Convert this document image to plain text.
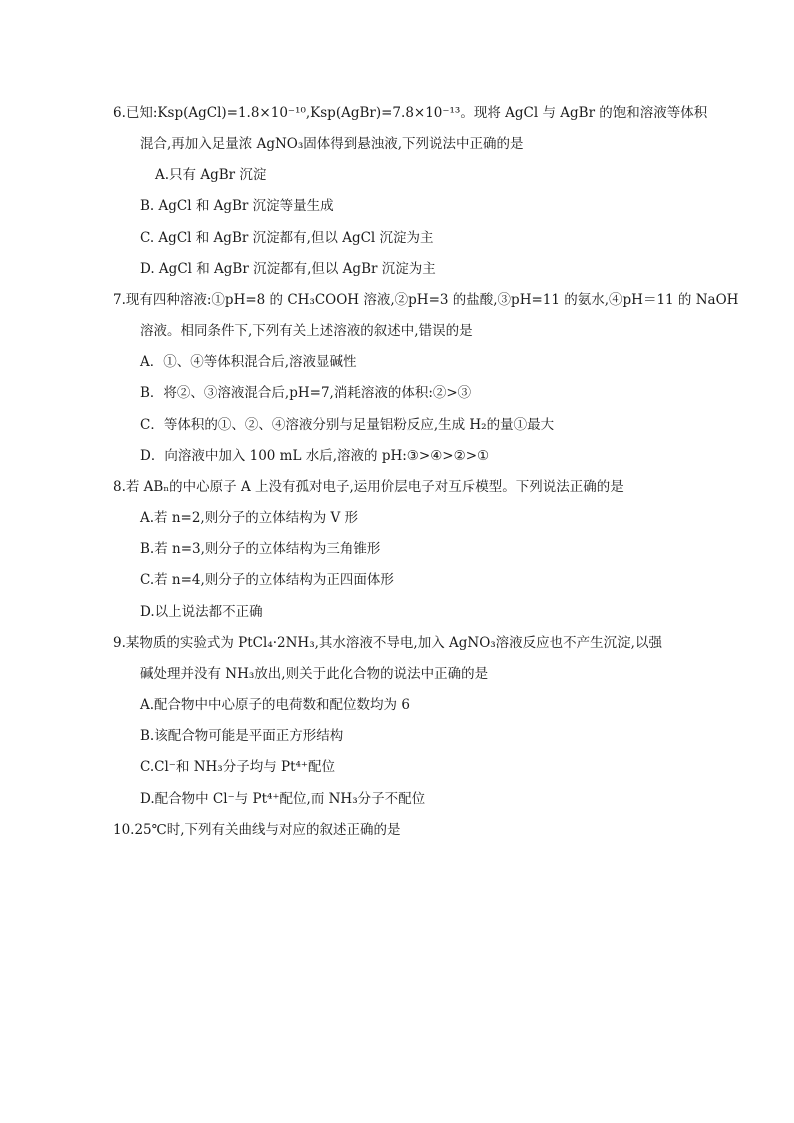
6.已知:Ksp(AgCl)=1.8×10⁻¹⁰,Ksp(AgBr)=7.8×10⁻¹³。现将 AgCl 与 AgBr 的饱和溶液等体积
混合,再加入足量浓 AgNO₃固体得到悬浊液,下列说法中正确的是
A.只有 AgBr 沉淀
B. AgCl 和 AgBr 沉淀等量生成
C. AgCl 和 AgBr 沉淀都有,但以 AgCl 沉淀为主
D. AgCl 和 AgBr 沉淀都有,但以 AgBr 沉淀为主
7.现有四种溶液:①pH=8 的 CH₃COOH 溶液,②pH=3 的盐酸,③pH=11 的氨水,④pH＝11 的 NaOH
溶液。相同条件下,下列有关上述溶液的叙述中,错误的是
A．①、④等体积混合后,溶液显碱性
B．将②、③溶液混合后,pH=7,消耗溶液的体积:②>③
C．等体积的①、②、④溶液分别与足量铝粉反应,生成 H₂的量①最大
D．向溶液中加入 100 mL 水后,溶液的 pH:③>④>②>①
8.若 ABₙ的中心原子 A 上没有孤对电子,运用价层电子对互斥模型。下列说法正确的是
A.若 n=2,则分子的立体结构为 V 形
B.若 n=3,则分子的立体结构为三角锥形
C.若 n=4,则分子的立体结构为正四面体形
D.以上说法都不正确
9.某物质的实验式为 PtCl₄·2NH₃,其水溶液不导电,加入 AgNO₃溶液反应也不产生沉淀,以强
碱处理并没有 NH₃放出,则关于此化合物的说法中正确的是
A.配合物中中心原子的电荷数和配位数均为 6
B.该配合物可能是平面正方形结构
C.Cl⁻和 NH₃分子均与 Pt⁴⁺配位
D.配合物中 Cl⁻与 Pt⁴⁺配位,而 NH₃分子不配位
10.25℃时,下列有关曲线与对应的叙述正确的是
